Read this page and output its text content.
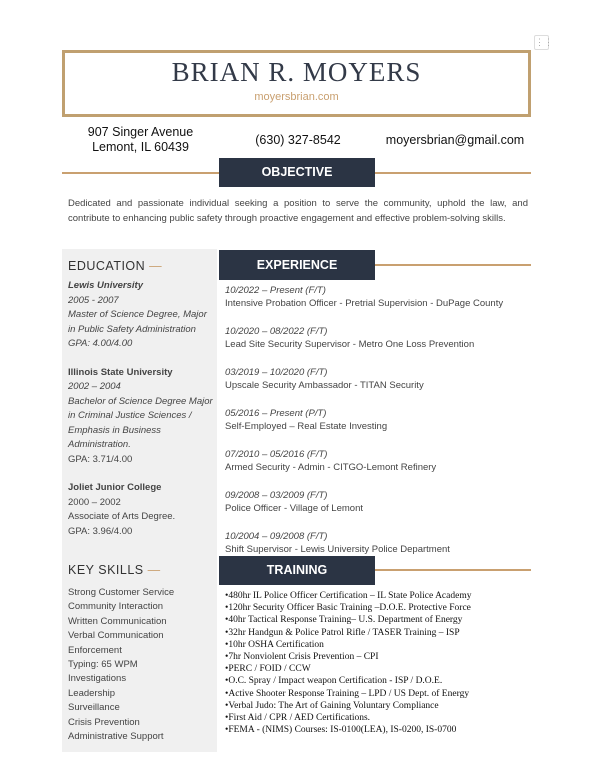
⋮⋮
BRIAN R. MOYERS
moyersbrian.com
907 Singer Avenue
Lemont, IL 60439	(630) 327-8542	moyersbrian@gmail.com
OBJECTIVE
Dedicated and passionate individual seeking a position to serve the community, uphold the law, and contribute to enhancing public safety through proactive engagement and effective problem-solving skills.
EDUCATION —
Lewis University
2005 - 2007
Master of Science Degree, Major in Public Safety Administration
GPA: 4.00/4.00
Illinois State University
2002 – 2004
Bachelor of Science Degree Major in Criminal Justice Sciences / Emphasis in Business Administration.
GPA: 3.71/4.00
Joliet Junior College
2000 – 2002
Associate of Arts Degree.
GPA: 3.96/4.00
KEY SKILLS —
Strong Customer Service
Community Interaction
Written Communication
Verbal Communication
Enforcement
Typing: 65 WPM
Investigations
Leadership
Surveillance
Crisis Prevention
Administrative Support
EXPERIENCE
10/2022 – Present (F/T)
Intensive Probation Officer - Pretrial Supervision - DuPage County
10/2020 – 08/2022 (F/T)
Lead Site Security Supervisor - Metro One Loss Prevention
03/2019 – 10/2020 (F/T)
Upscale Security Ambassador - TITAN Security
05/2016 – Present (P/T)
Self-Employed – Real Estate Investing
07/2010 – 05/2016 (F/T)
Armed Security - Admin - CITGO-Lemont Refinery
09/2008 – 03/2009 (F/T)
Police Officer - Village of Lemont
10/2004 – 09/2008 (F/T)
Shift Supervisor - Lewis University Police Department
TRAINING
• 480hr IL Police Officer Certification – IL State Police Academy
• 120hr Security Officer Basic Training –D.O.E. Protective Force
• 40hr Tactical Response Training– U.S. Department of Energy
• 32hr Handgun & Police Patrol Rifle / TASER Training – ISP
• 10hr OSHA Certification
• 7hr Nonviolent Crisis Prevention – CPI
• PERC / FOID / CCW
• O.C. Spray / Impact weapon Certification - ISP / D.O.E.
• Active Shooter Response Training – LPD / US Dept. of Energy
• Verbal Judo: The Art of Gaining Voluntary Compliance
• First Aid / CPR / AED Certifications.
• FEMA - (NIMS) Courses: IS-0100(LEA), IS-0200, IS-0700
